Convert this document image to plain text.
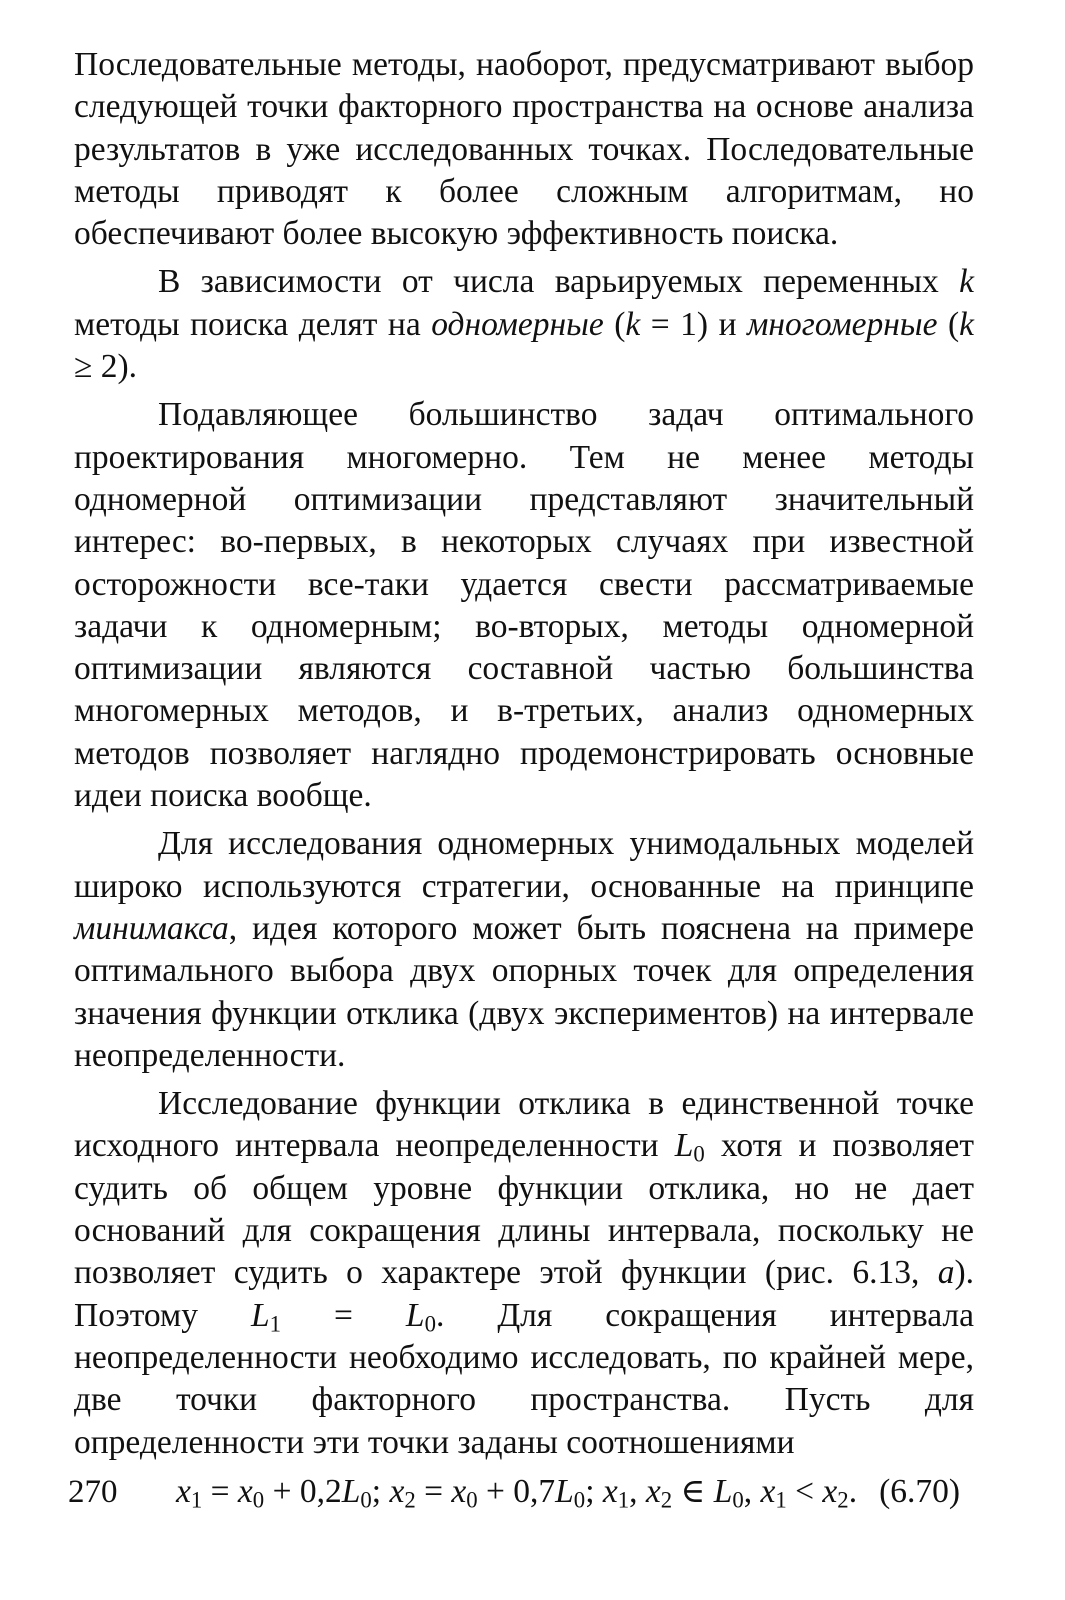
Последовательные методы, наоборот, предусматривают выбор следующей точки факторного пространства на основе анализа результатов в уже исследованных точках. Последовательные методы приводят к более сложным алгоритмам, но обеспечивают более высокую эффективность поиска.

В зависимости от числа варьируемых переменных k методы поиска делят на одномерные (k = 1) и многомерные (k ≥ 2).

Подавляющее большинство задач оптимального проектирования многомерно. Тем не менее методы одномерной оптимизации представляют значительный интерес: во-первых, в некоторых случаях при известной осторожности все-таки удается свести рассматриваемые задачи к одномерным; во-вторых, методы одномерной оптимизации являются составной частью большинства многомерных методов, и в-третьих, анализ одномерных методов позволяет наглядно продемонстрировать основные идеи поиска вообще.

Для исследования одномерных унимодальных моделей широко используются стратегии, основанные на принципе минимакса, идея которого может быть пояснена на примере оптимального выбора двух опорных точек для определения значения функции отклика (двух экспериментов) на интервале неопределенности.

Исследование функции отклика в единственной точке исходного интервала неопределенности $L_0$ хотя и позволяет судить об общем уровне функции отклика, но не дает оснований для сокращения длины интервала, поскольку не позволяет судить о характере этой функции (рис. 6.13, а). Поэтому $L_1 = L_0$. Для сокращения интервала неопределенности необходимо исследовать, по крайней мере, две точки факторного пространства. Пусть для определенности эти точки заданы соотношениями

$x_1 = x_0 + 0,2L_0$; $x_2 = x_0 + 0,7L_0$; $x_1$, $x_2$ ∈ $L_0$, $x_1 < x_2$. (6.70)
270
